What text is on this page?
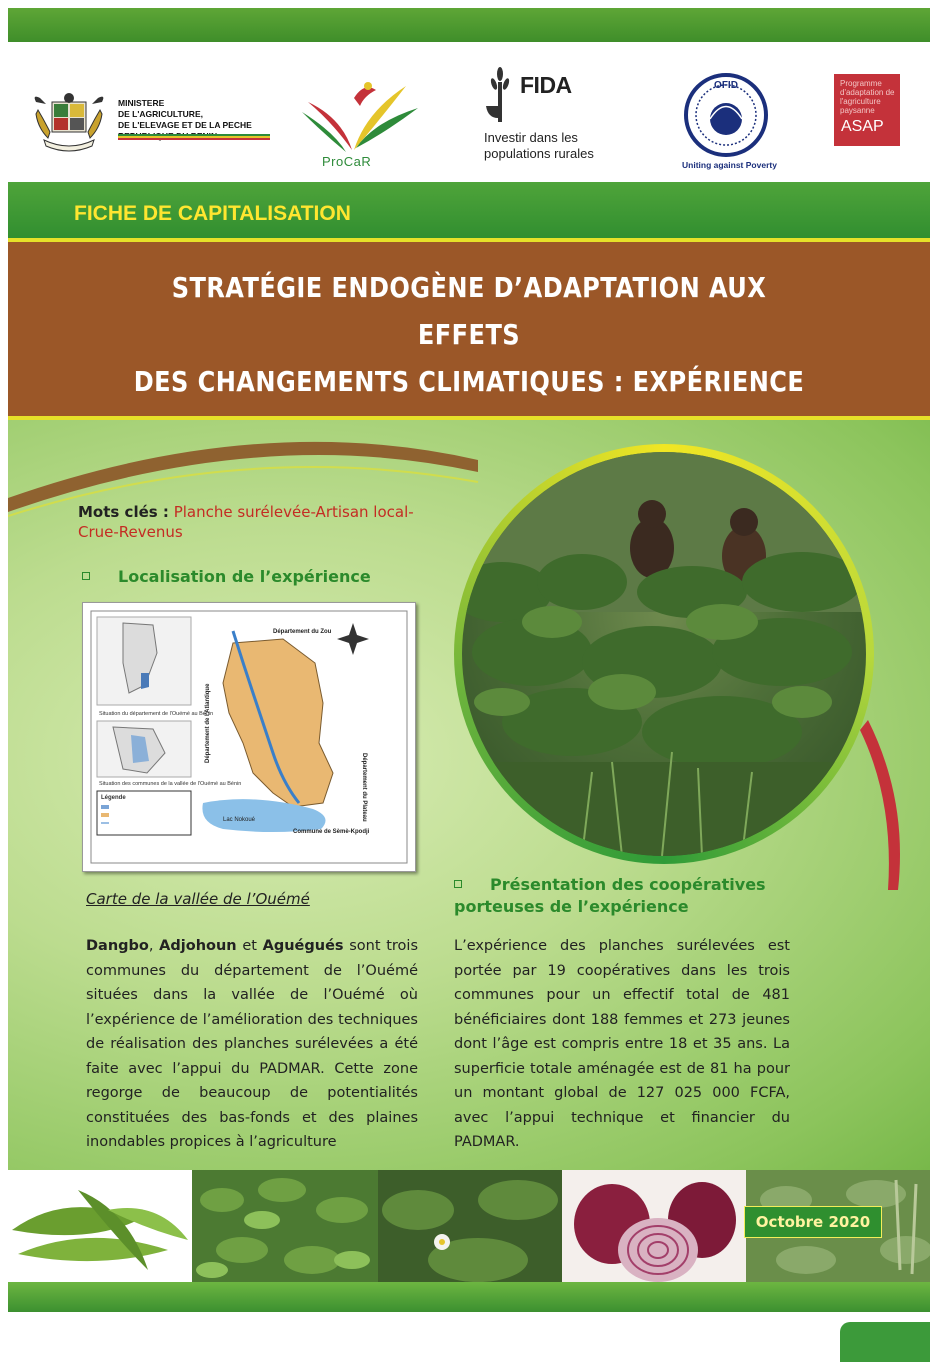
MINISTERE
DE L'AGRICULTURE,
DE L'ELEVAGE ET DE LA PECHE
ProCaR
FIDA
Investir dans les populations rurales
OFID
Uniting against Poverty
Programme d'adaptation de l'agriculture paysanne
ASAP
FICHE DE CAPITALISATION
STRATÉGIE ENDOGÈNE D’ADAPTATION AUX EFFETS
DES CHANGEMENTS CLIMATIQUES : EXPÉRIENCE
Mots clés : Planche surélevée-Artisan local-Crue-Revenus
Localisation de l’expérience
Situation du département de l'Ouémé au Bénin
Situation des communes de la vallée de l'Ouémé au Bénin
Légende
Lac Nokoué
Département du Zou
Commune de Sèmè-Kpodji
Département de l'Atlantique
Département du Plateau
Carte de la vallée de l’Ouémé
Présentation des coopératives porteuses de l’expérience
Dangbo, Adjohoun et Aguégués sont trois communes du département de l’Ouémé situées dans la vallée de l’Ouémé où l’expérience de l’amélioration des techniques de réalisation des planches surélevées a été faite avec l’appui du PADMAR. Cette zone regorge de beaucoup de potentialités constituées des bas-fonds et des plaines inondables propices à l’agriculture
L’expérience des planches surélevées est portée par 19 coopératives dans les trois communes pour un effectif total de 481 bénéficiaires dont 188 femmes et 273 jeunes dont l’âge est compris entre 18 et 35 ans. La superficie totale aménagée est de 81 ha pour un montant global de 127 025 000 FCFA, avec l’appui technique et financier du PADMAR.
Octobre 2020
